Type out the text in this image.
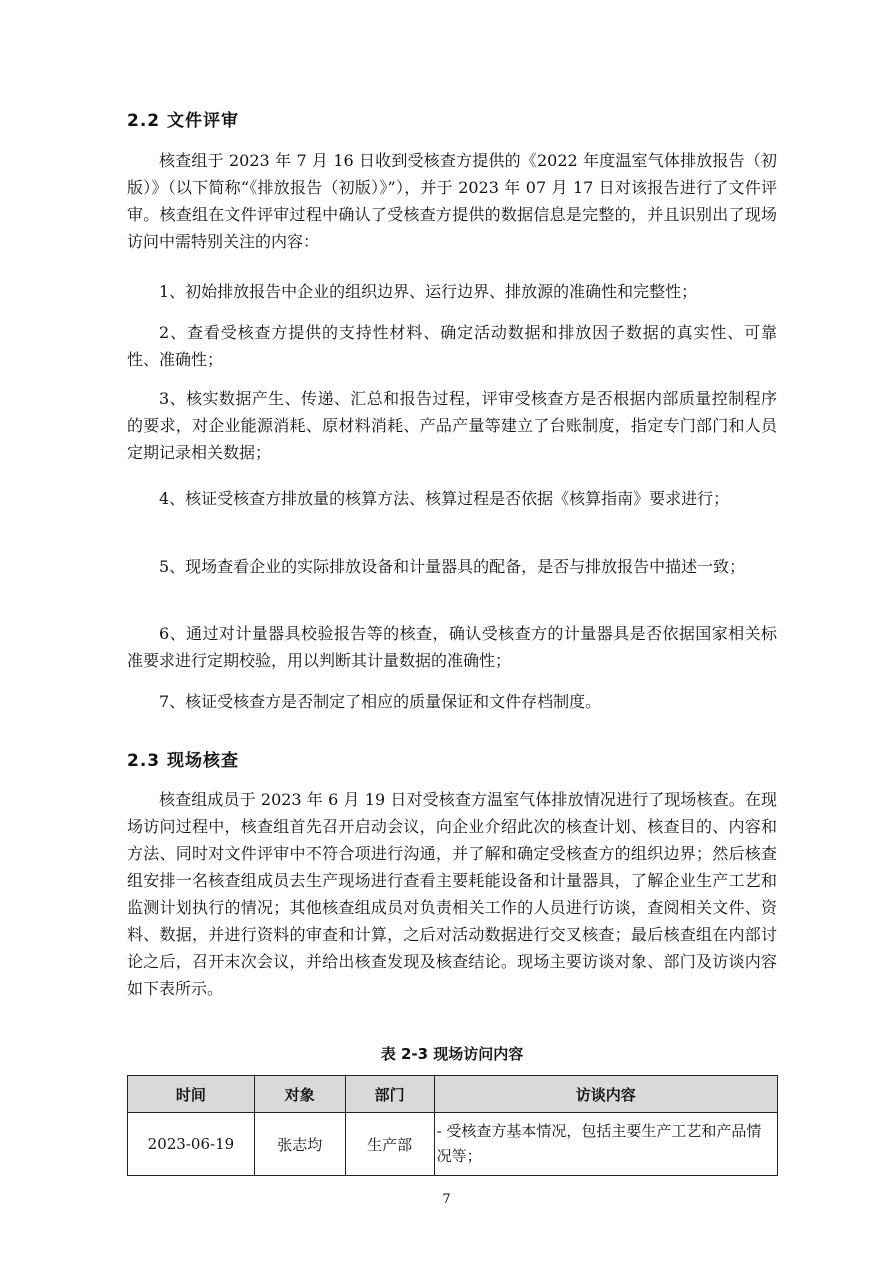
2.2 文件评审

核查组于 2023 年 7 月 16 日收到受核查方提供的《2022 年度温室气体排放报告（初版）》（以下简称“《排放报告（初版）》”），并于 2023 年 07 月 17 日对该报告进行了文件评审。核查组在文件评审过程中确认了受核查方提供的数据信息是完整的，并且识别出了现场访问中需特别关注的内容：

1、初始排放报告中企业的组织边界、运行边界、排放源的准确性和完整性；

2、查看受核查方提供的支持性材料、确定活动数据和排放因子数据的真实性、可靠性、准确性；

3、核实数据产生、传递、汇总和报告过程，评审受核查方是否根据内部质量控制程序的要求，对企业能源消耗、原材料消耗、产品产量等建立了台账制度，指定专门部门和人员定期记录相关数据；

4、核证受核查方排放量的核算方法、核算过程是否依据《核算指南》要求进行；

5、现场查看企业的实际排放设备和计量器具的配备，是否与排放报告中描述一致；

6、通过对计量器具校验报告等的核查，确认受核查方的计量器具是否依据国家相关标准要求进行定期校验，用以判断其计量数据的准确性；

7、核证受核查方是否制定了相应的质量保证和文件存档制度。

2.3 现场核查

核查组成员于 2023 年 6 月 19 日对受核查方温室气体排放情况进行了现场核查。在现场访问过程中，核查组首先召开启动会议，向企业介绍此次的核查计划、核查目的、内容和方法、同时对文件评审中不符合项进行沟通，并了解和确定受核查方的组织边界；然后核查组安排一名核查组成员去生产现场进行查看主要耗能设备和计量器具，了解企业生产工艺和监测计划执行的情况；其他核查组成员对负责相关工作的人员进行访谈，查阅相关文件、资料、数据，并进行资料的审查和计算，之后对活动数据进行交叉核查；最后核查组在内部讨论之后，召开末次会议，并给出核查发现及核查结论。现场主要访谈对象、部门及访谈内容如下表所示。

表 2-3 现场访问内容
时间	对象	部门	访谈内容
2023-06-19	张志均	生产部	- 受核查方基本情况，包括主要生产工艺和产品情况等；
7
